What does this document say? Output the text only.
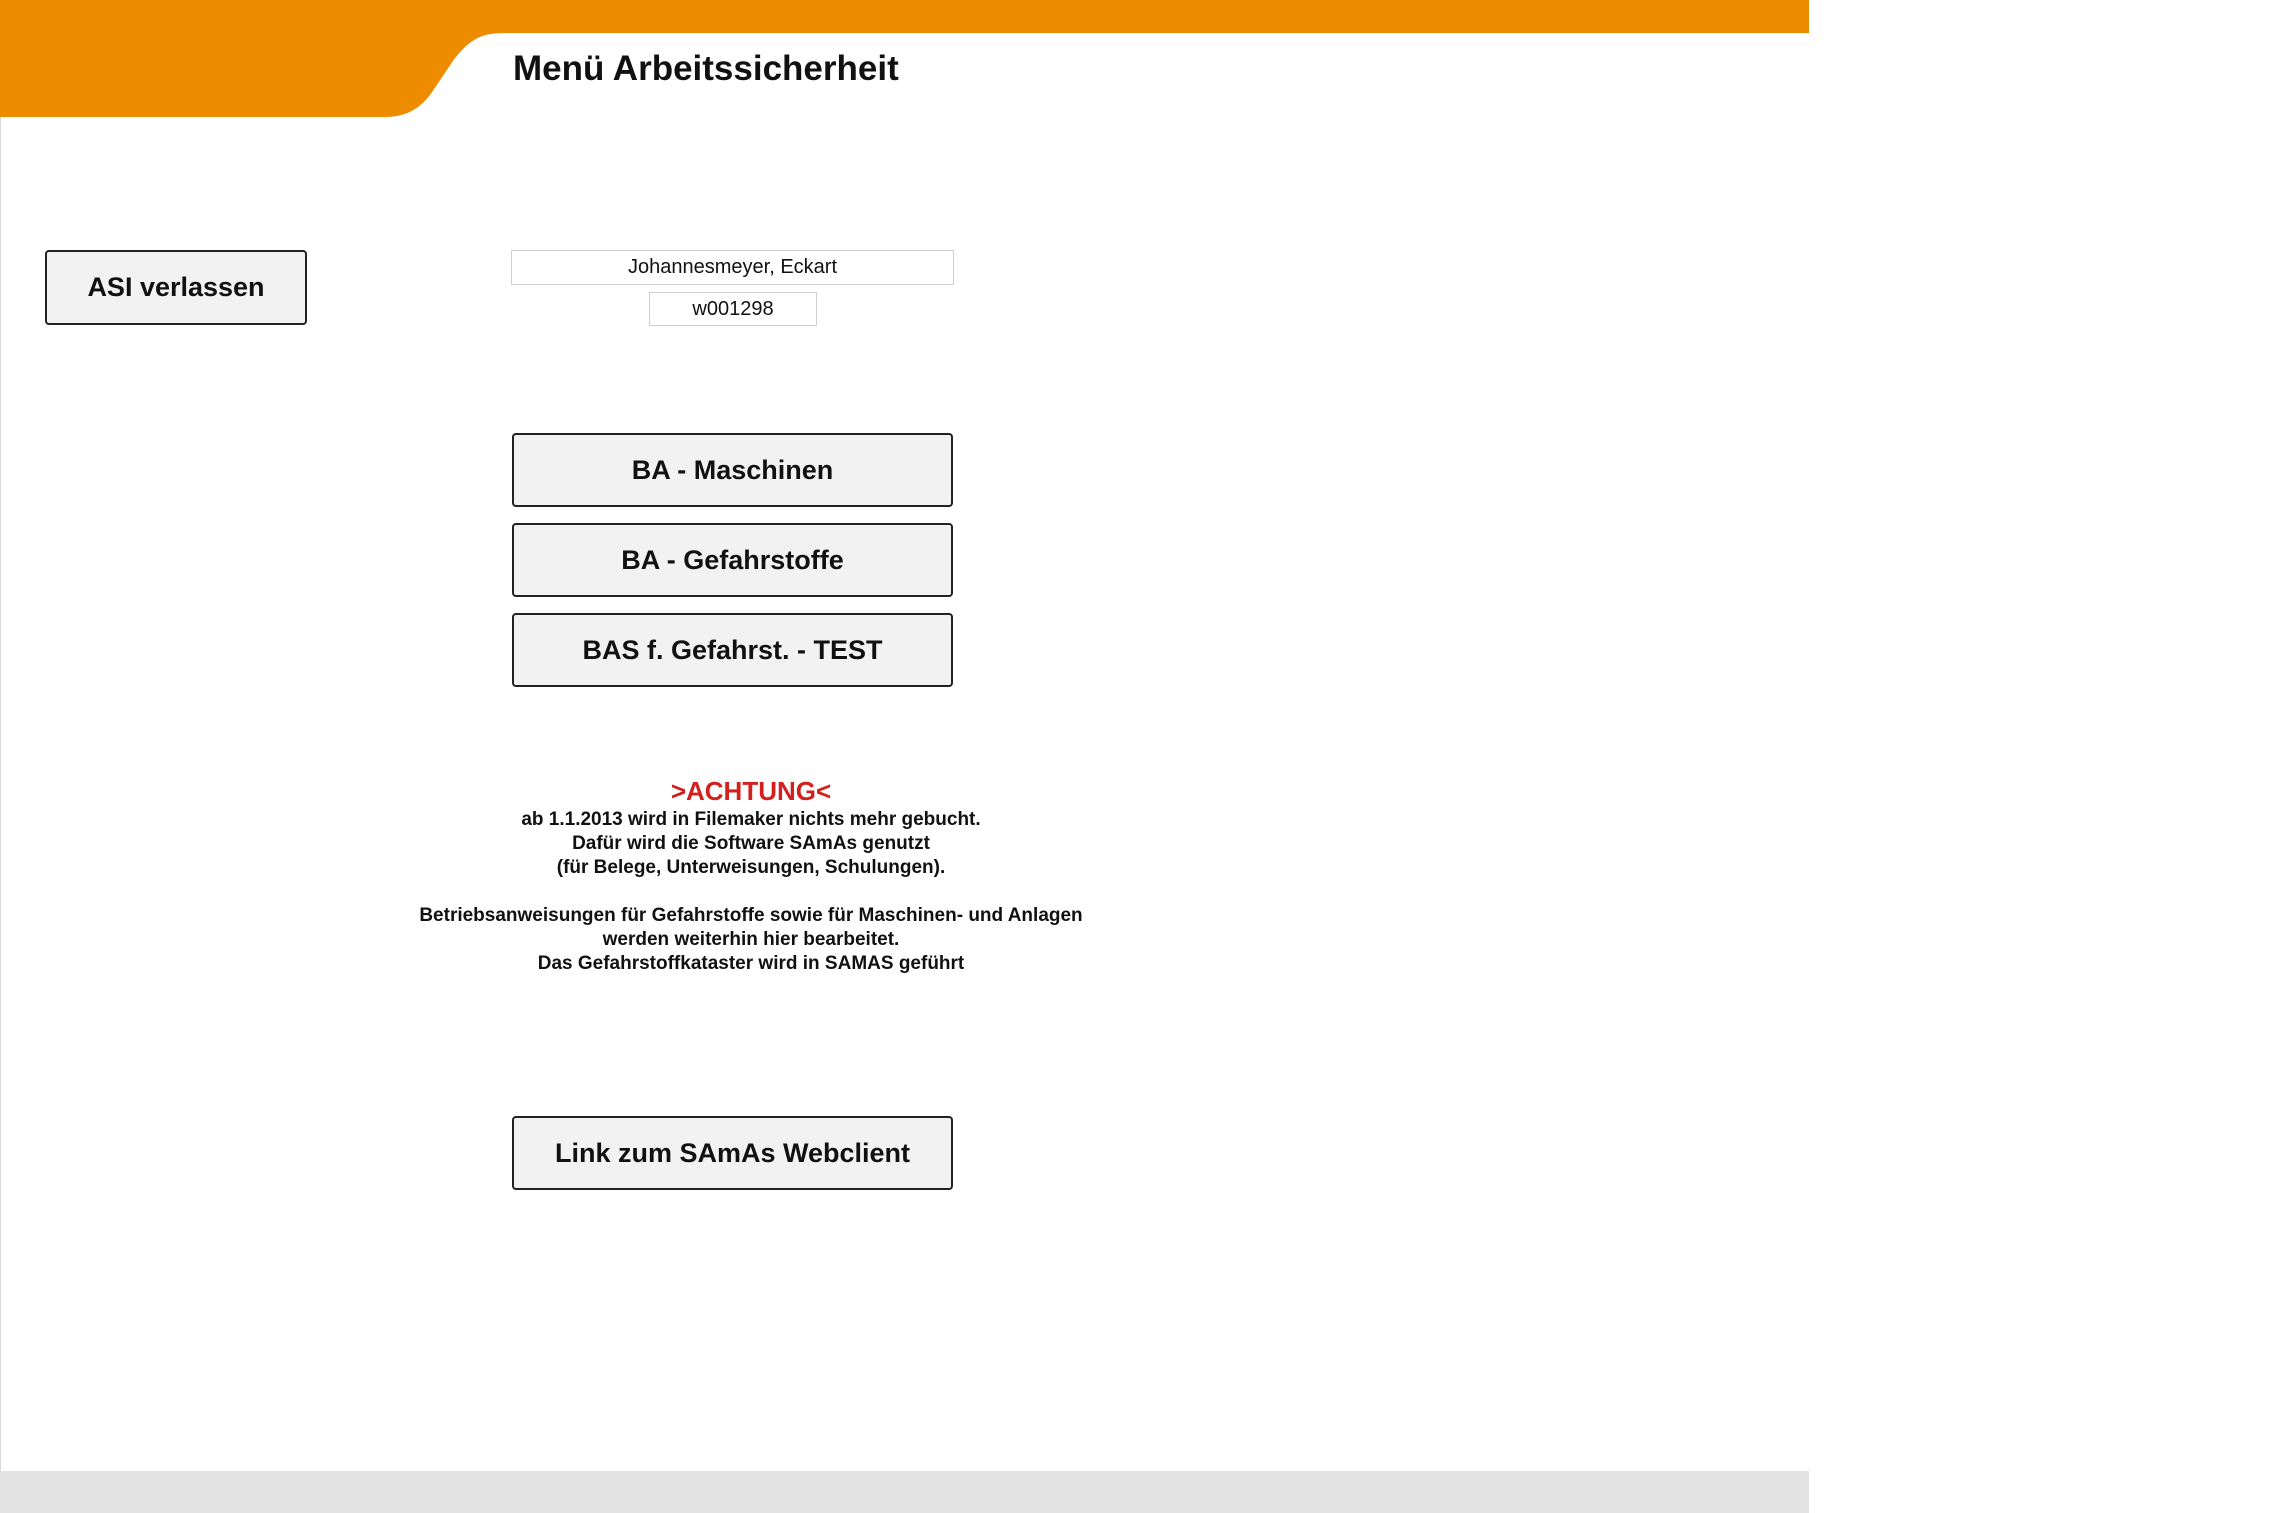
Menü Arbeitssicherheit
ASI verlassen
Johannesmeyer, Eckart
w001298
BA - Maschinen
BA - Gefahrstoffe
BAS f. Gefahrst. - TEST
>ACHTUNG<
ab 1.1.2013 wird in Filemaker nichts mehr gebucht.
Dafür wird die Software SAmAs genutzt
(für Belege, Unterweisungen, Schulungen).
Betriebsanweisungen für Gefahrstoffe sowie für Maschinen- und Anlagen
werden weiterhin hier bearbeitet.
Das Gefahrstoffkataster wird in SAMAS geführt
Link zum SAmAs Webclient
